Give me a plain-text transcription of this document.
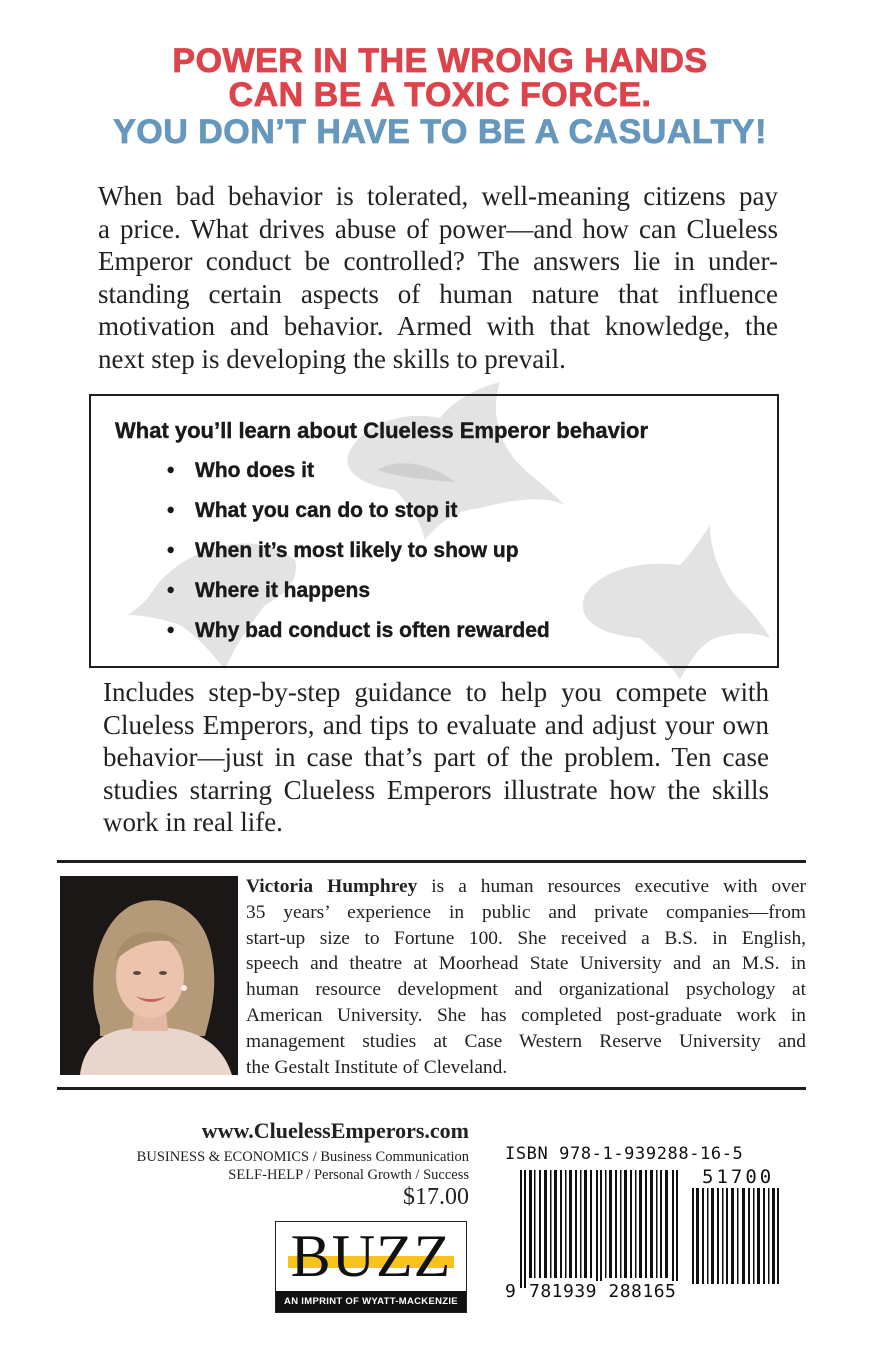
POWER IN THE WRONG HANDS
CAN BE A TOXIC FORCE.
YOU DON’T HAVE TO BE A CASUALTY!
When bad behavior is tolerated, well-meaning citizens pay
a price. What drives abuse of power—and how can Clueless
Emperor conduct be controlled? The answers lie in under-
standing certain aspects of human nature that influence
motivation and behavior. Armed with that knowledge, the
next step is developing the skills to prevail.
What you’ll learn about Clueless Emperor behavior
• Who does it
• What you can do to stop it
• When it’s most likely to show up
• Where it happens
• Why bad conduct is often rewarded
Includes step-by-step guidance to help you compete with
Clueless Emperors, and tips to evaluate and adjust your own
behavior—just in case that’s part of the problem. Ten case
studies starring Clueless Emperors illustrate how the skills
work in real life.
Victoria Humphrey is a human resources executive with over
35 years’ experience in public and private companies—from
start-up size to Fortune 100. She received a B.S. in English,
speech and theatre at Moorhead State University and an M.S. in
human resource development and organizational psychology at
American University. She has completed post-graduate work in
management studies at Case Western Reserve University and
the Gestalt Institute of Cleveland.
www.CluelessEmperors.com
BUSINESS & ECONOMICS / Business Communication
SELF-HELP / Personal Growth / Success
$17.00
BUZZ
AN IMPRINT OF WYATT-MACKENZIE
ISBN 978-1-939288-16-5
51700
9 781939 288165
